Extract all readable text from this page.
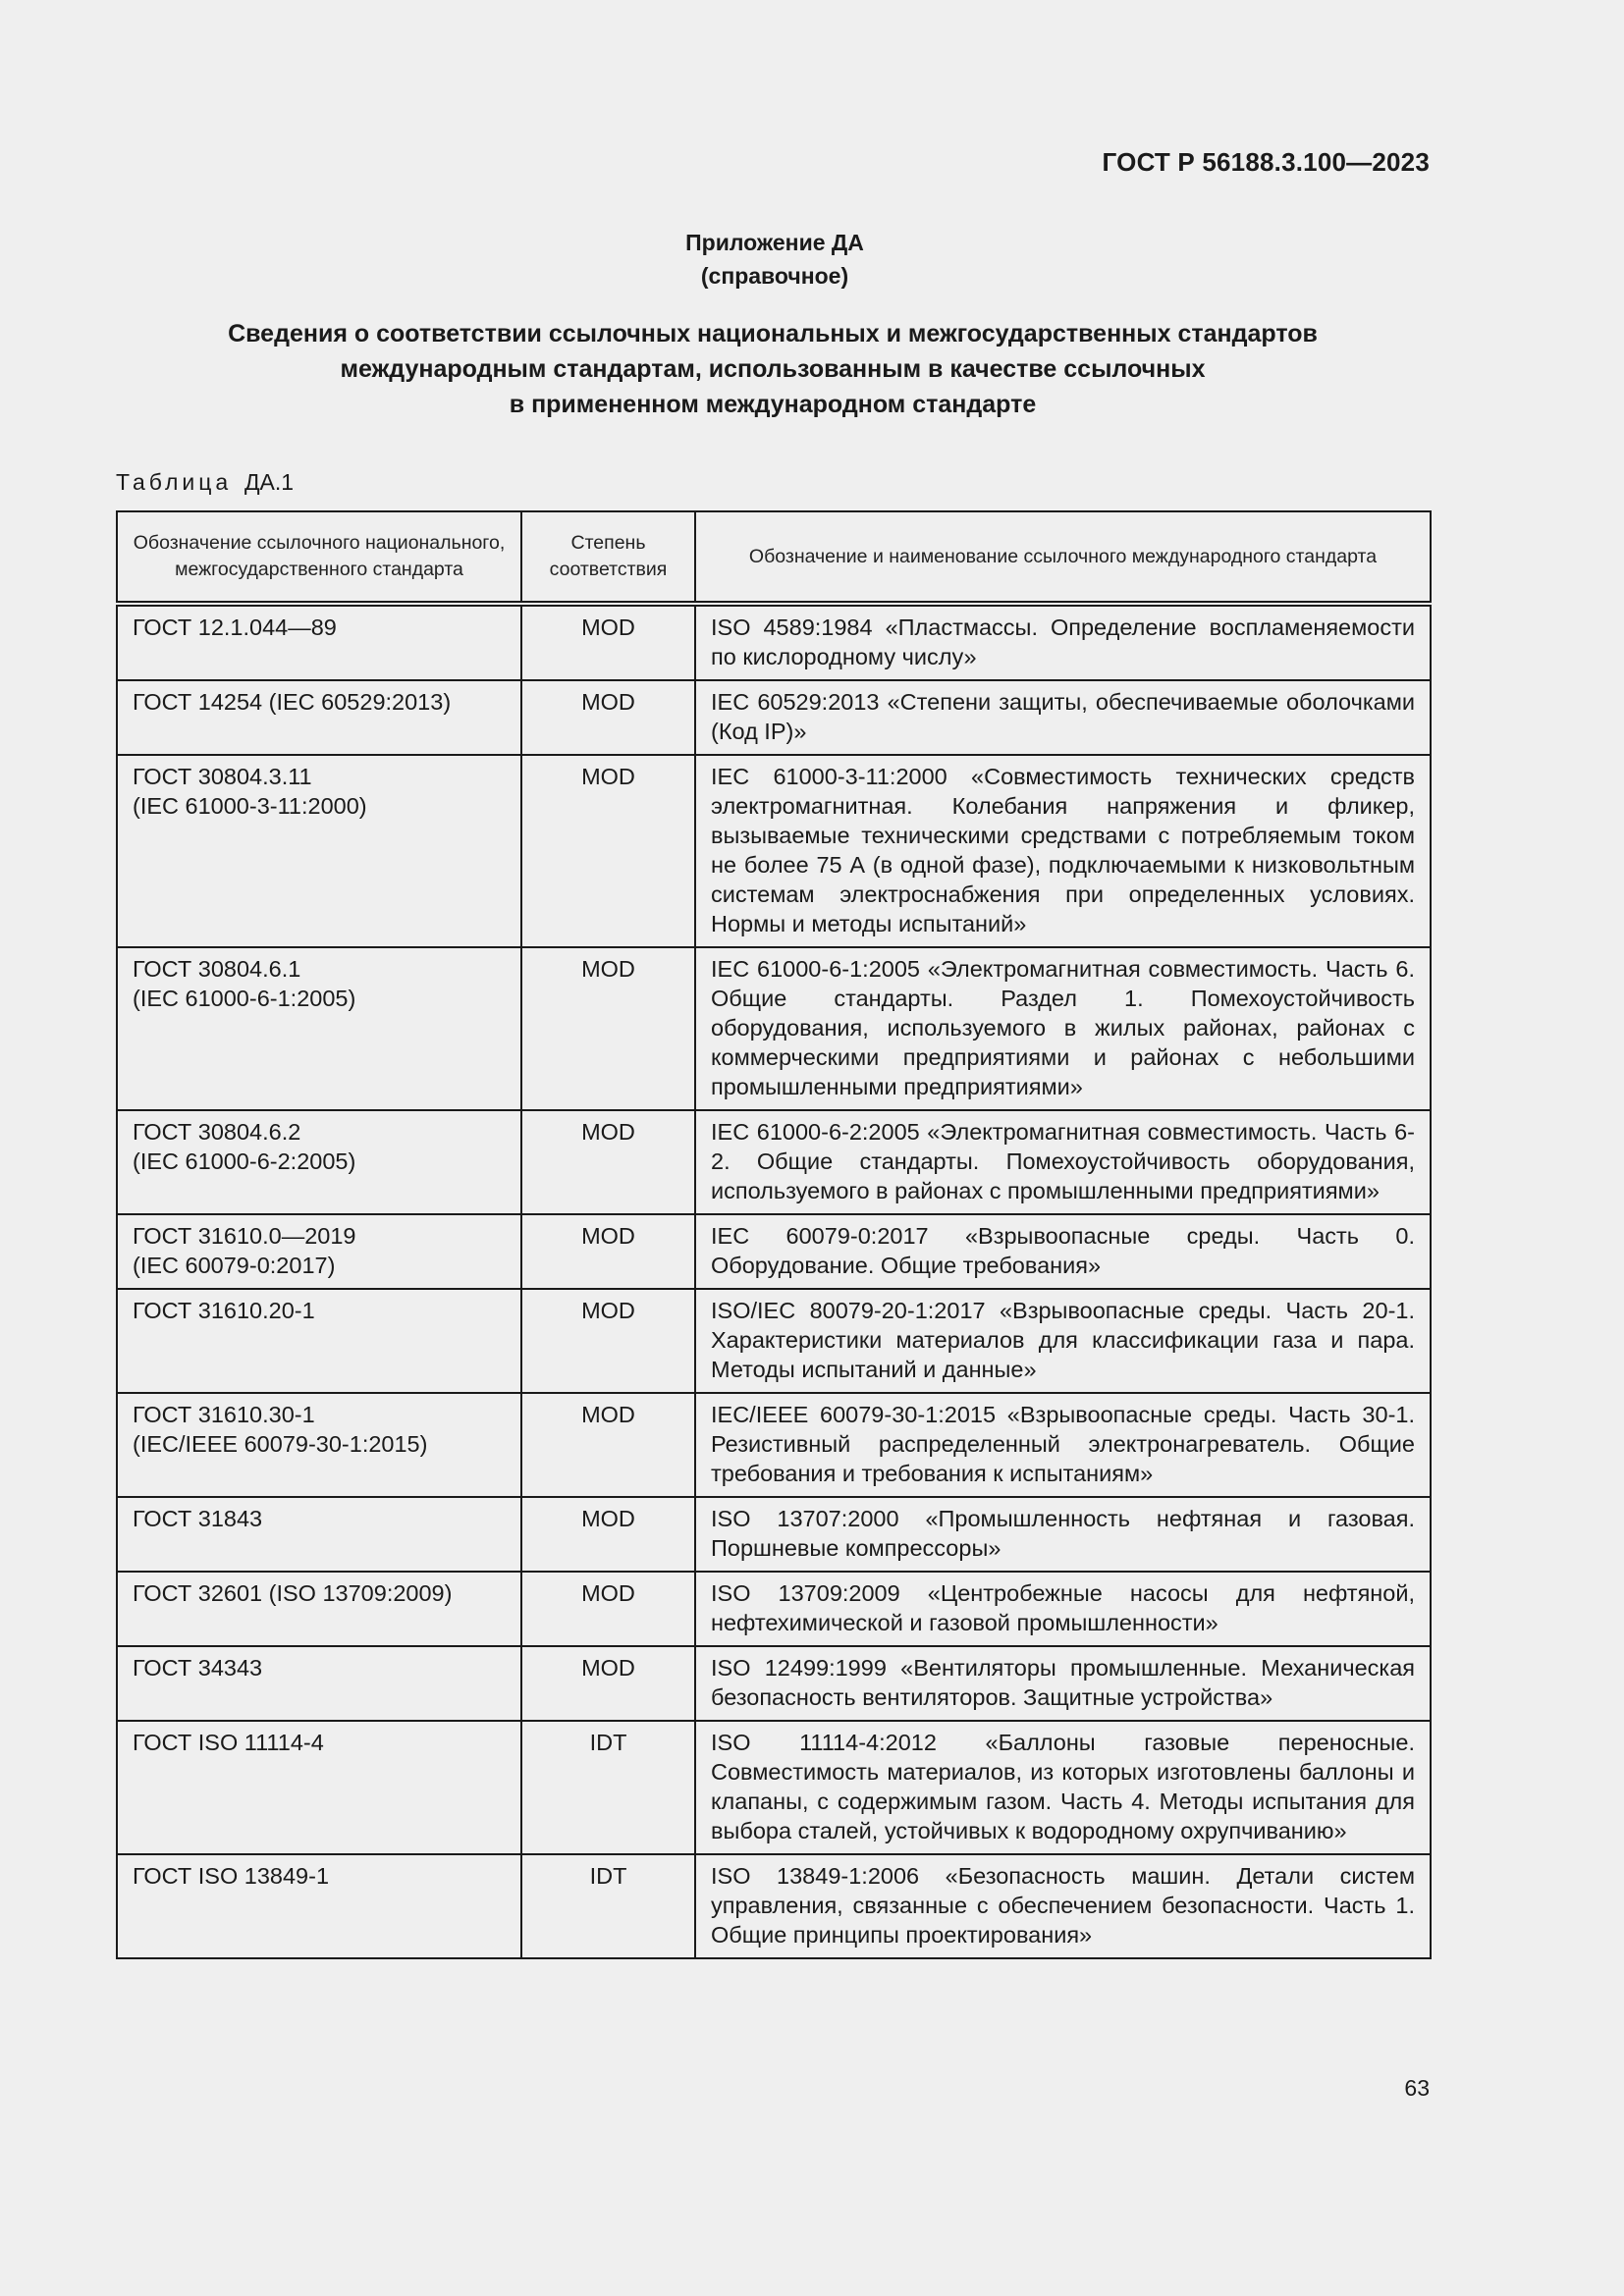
ГОСТ Р 56188.3.100—2023
Приложение ДА
(справочное)
Сведения о соответствии ссылочных национальных и межгосударственных стандартов
международным стандартам, использованным в качестве ссылочных
в примененном международном стандарте
Таблица ДА.1
Обозначение ссылочного национального, межгосударственного стандарта	Степень соответствия	Обозначение и наименование ссылочного международного стандарта
ГОСТ 12.1.044—89	MOD	ISO 4589:1984 «Пластмассы. Определение воспламеняемости по кислородному числу»
ГОСТ 14254 (IEC 60529:2013)	MOD	IEC 60529:2013 «Степени защиты, обеспечиваемые оболочками (Код IP)»
ГОСТ 30804.3.11
(IEC 61000-3-11:2000)	MOD	IEC 61000-3-11:2000 «Совместимость технических средств электромагнитная. Колебания напряжения и фликер, вызываемые техническими средствами с потребляемым током не более 75 А (в одной фазе), подключаемыми к низковольтным системам электроснабжения при определенных условиях. Нормы и методы испытаний»
ГОСТ 30804.6.1
(IEC 61000-6-1:2005)	MOD	IEC 61000-6-1:2005 «Электромагнитная совместимость. Часть 6. Общие стандарты. Раздел 1. Помехоустойчивость оборудования, используемого в жилых районах, районах с коммерческими предприятиями и районах с небольшими промышленными предприятиями»
ГОСТ 30804.6.2
(IEC 61000-6-2:2005)	MOD	IEC 61000-6-2:2005 «Электромагнитная совместимость. Часть 6-2. Общие стандарты. Помехоустойчивость оборудования, используемого в районах с промышленными предприятиями»
ГОСТ 31610.0—2019
(IEC 60079-0:2017)	MOD	IEC 60079-0:2017 «Взрывоопасные среды. Часть 0. Оборудование. Общие требования»
ГОСТ 31610.20-1	MOD	ISO/IEC 80079-20-1:2017 «Взрывоопасные среды. Часть 20-1. Характеристики материалов для классификации газа и пара. Методы испытаний и данные»
ГОСТ 31610.30-1
(IEC/IEEE 60079-30-1:2015)	MOD	IEC/IEEE 60079-30-1:2015 «Взрывоопасные среды. Часть 30-1. Резистивный распределенный электронагреватель. Общие требования и требования к испытаниям»
ГОСТ 31843	MOD	ISO 13707:2000 «Промышленность нефтяная и газовая. Поршневые компрессоры»
ГОСТ 32601 (ISO 13709:2009)	MOD	ISO 13709:2009 «Центробежные насосы для нефтяной, нефтехимической и газовой промышленности»
ГОСТ 34343	MOD	ISO 12499:1999 «Вентиляторы промышленные. Механическая безопасность вентиляторов. Защитные устройства»
ГОСТ ISO 11114-4	IDT	ISO 11114-4:2012 «Баллоны газовые переносные. Совместимость материалов, из которых изготовлены баллоны и клапаны, с содержимым газом. Часть 4. Методы испытания для выбора сталей, устойчивых к водородному охрупчиванию»
ГОСТ ISO 13849-1	IDT	ISO 13849-1:2006 «Безопасность машин. Детали систем управления, связанные с обеспечением безопасности. Часть 1. Общие принципы проектирования»
63
